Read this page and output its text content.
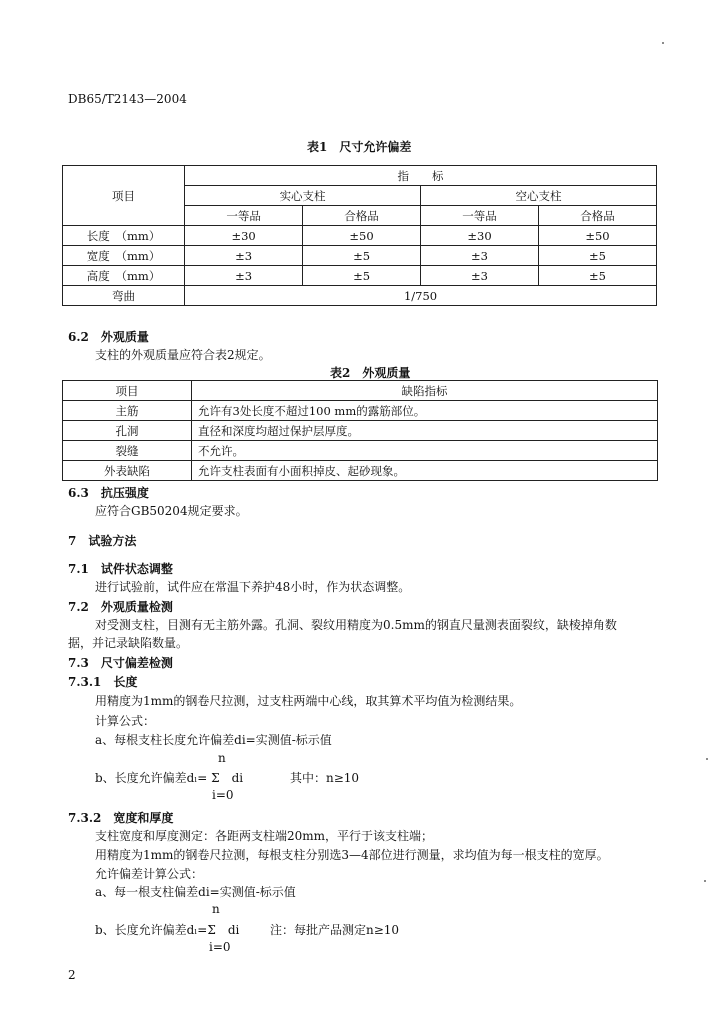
DB65/T2143—2004
表1　尺寸允许偏差
项目	指　　标			
	实心支柱		空心支柱	
	一等品	合格品	一等品	合格品
长度　（mm）	±30	±50	±30	±50
宽度　（mm）	±3	±5	±3	±5
高度　（mm）	±3	±5	±3	±5
弯曲	1/750			
6.2　外观质量
支柱的外观质量应符合表2规定。
表2　外观质量
项目	缺陷指标
主筋	允许有3处长度不超过100 mm的露筋部位。
孔洞	直径和深度均超过保护层厚度。
裂缝	不允许。
外表缺陷	允许支柱表面有小面积掉皮、起砂现象。
6.3　抗压强度
应符合GB50204规定要求。
7　试验方法
7.1　试件状态调整
进行试验前，试件应在常温下养护48小时，作为状态调整。
7.2　外观质量检测
对受测支柱，目测有无主筋外露。孔洞、裂纹用精度为0.5mm的钢直尺量测表面裂纹，缺棱掉角数
据，并记录缺陷数量。
7.3　尺寸偏差检测
7.3.1　长度
用精度为1mm的钢卷尺拉测，过支柱两端中心线，取其算术平均值为检测结果。
计算公式：
a、每根支柱长度允许偏差di=实测值-标示值
n
b、长度允许偏差dₗ= Σ　di	其中：n≥10
i=0
7.3.2　宽度和厚度
支柱宽度和厚度测定：各距两支柱端20mm，平行于该支柱端；
用精度为1mm的钢卷尺拉测，每根支柱分别选3—4部位进行测量，求均值为每一根支柱的宽厚。
允许偏差计算公式：
a、每一根支柱偏差di=实测值-标示值
n
b、长度允许偏差dₗ=Σ　di	注：每批产品测定n≥10
i=0
2
